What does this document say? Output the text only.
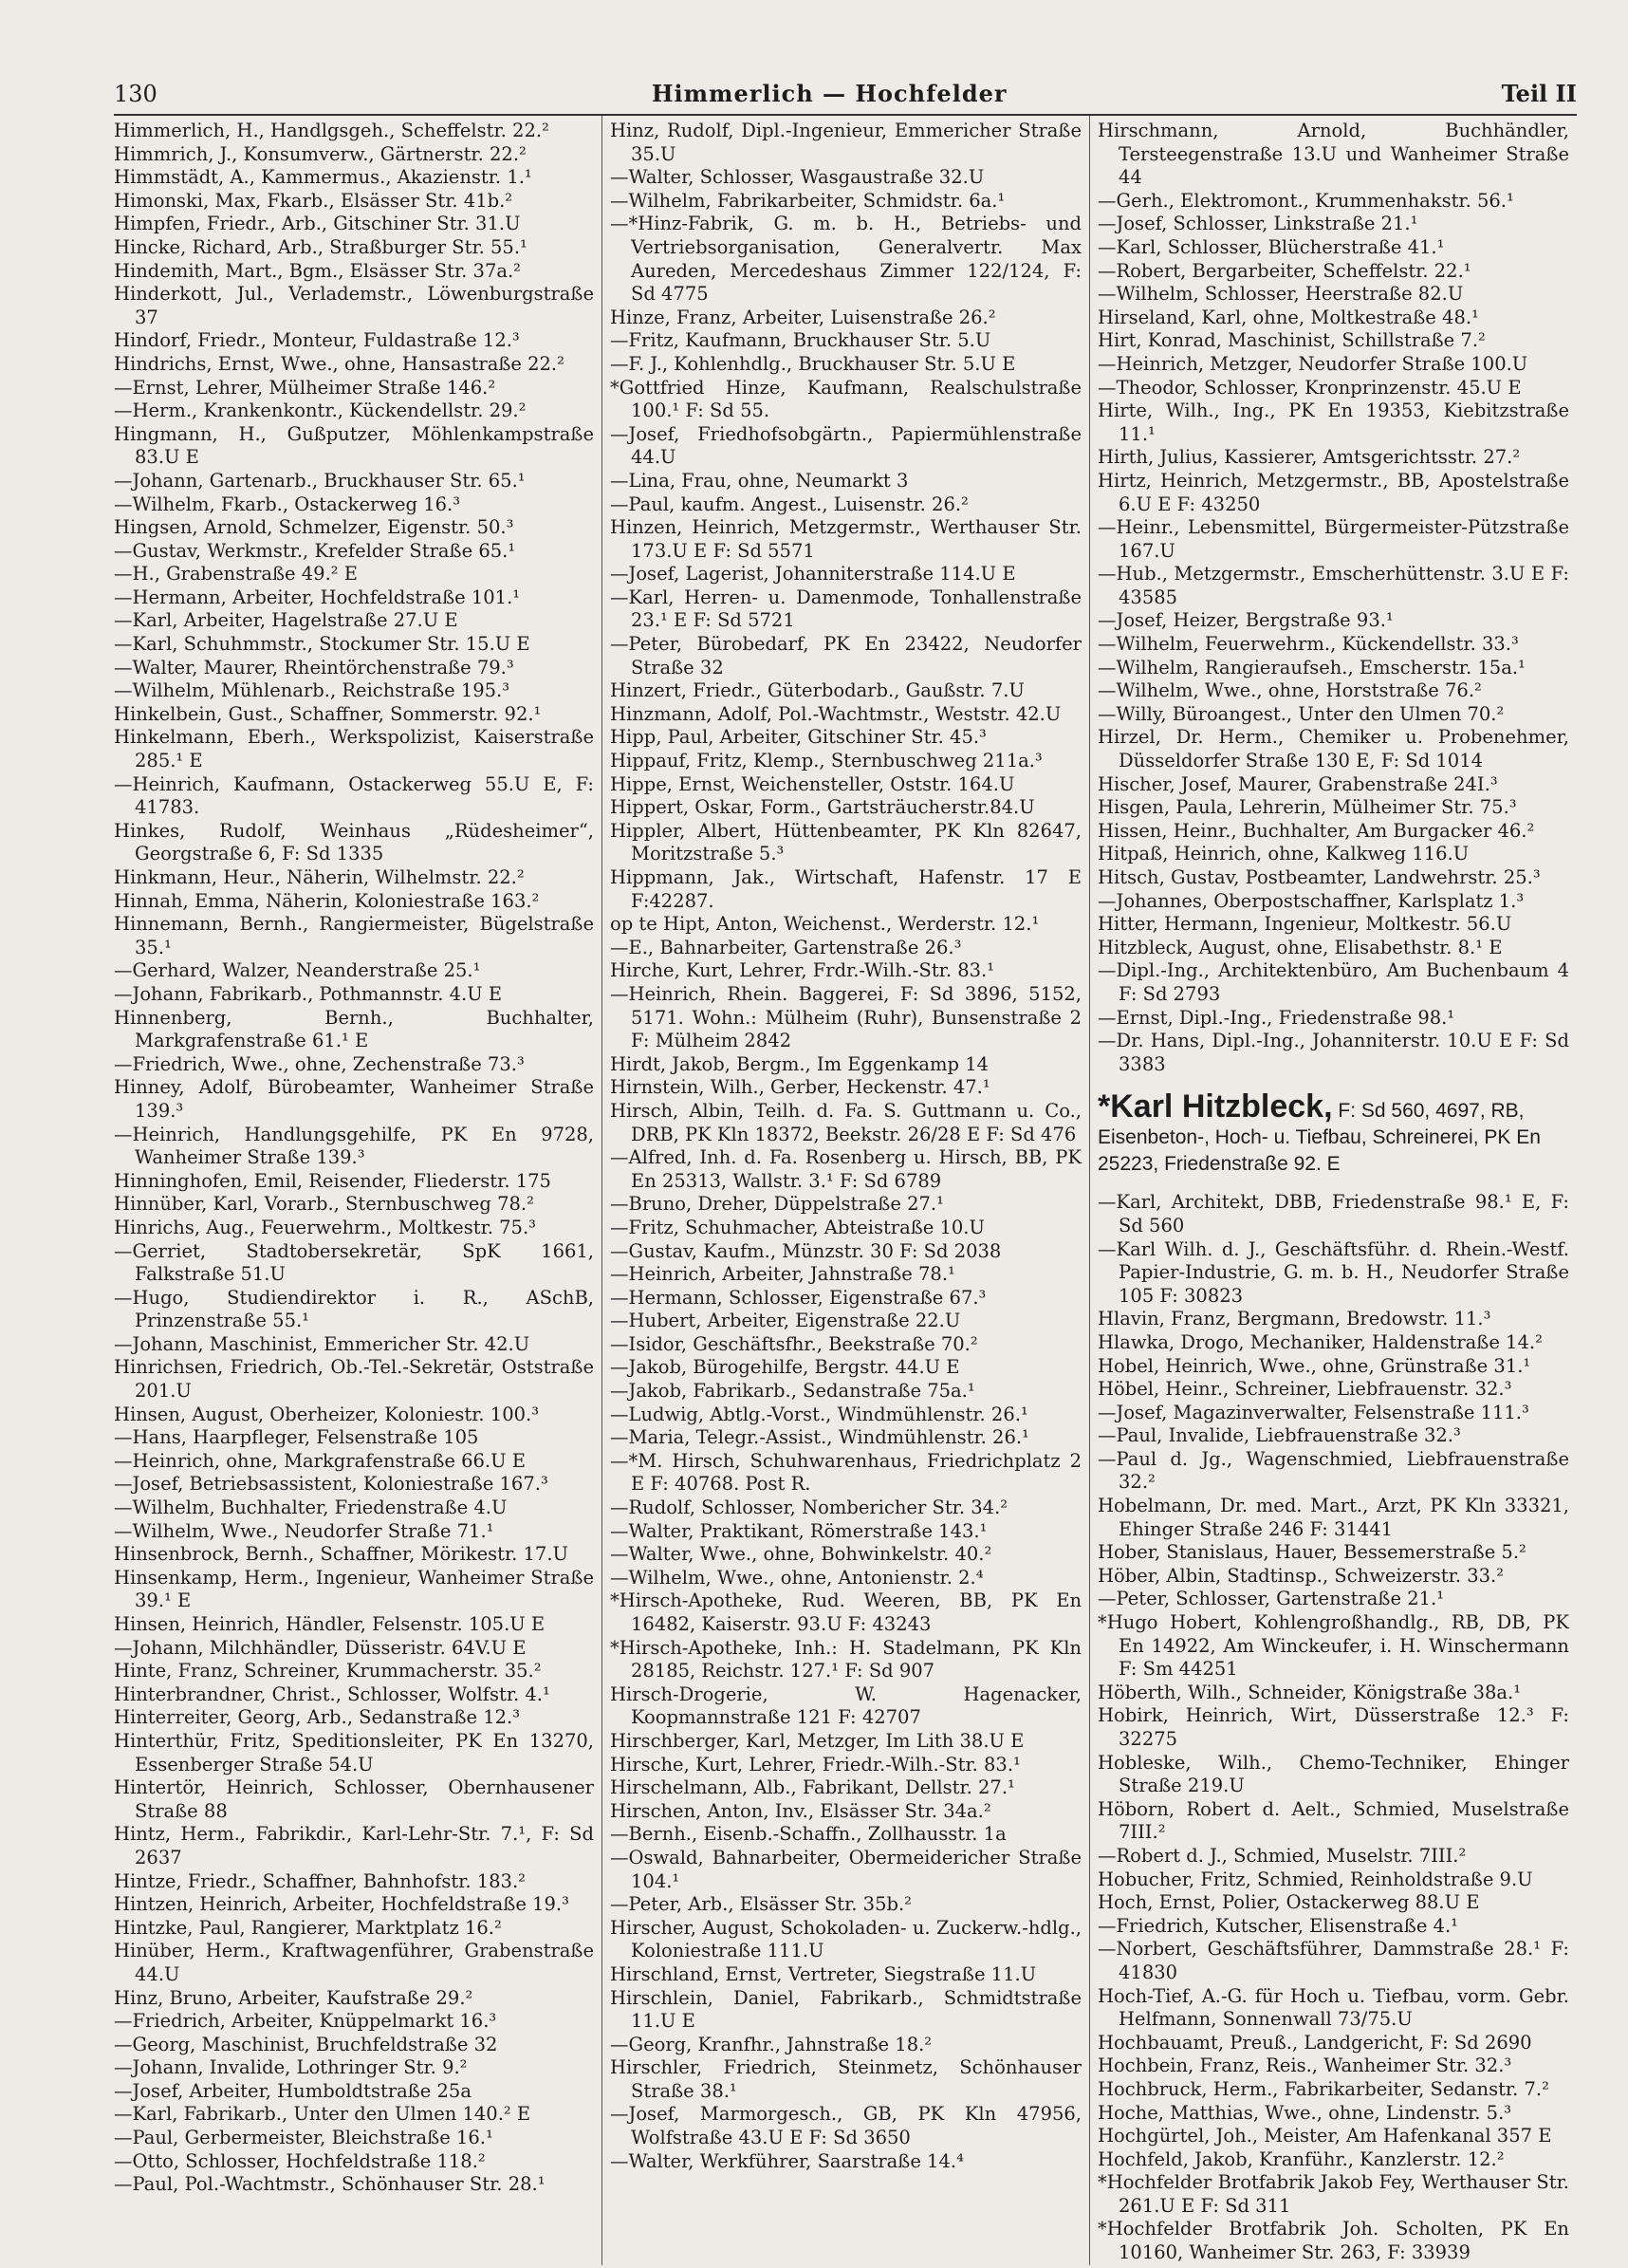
130	Himmerlich — Hochfelder	Teil II

Himmerlich, H., Handlgsgeh., Scheffelstr. 22.²

Himmrich, J., Konsumverw., Gärtnerstr. 22.²

Himmstädt, A., Kammermus., Akazienstr. 1.¹

Himonski, Max, Fkarb., Elsässer Str. 41b.²

Himpfen, Friedr., Arb., Gitschiner Str. 31.U

Hincke, Richard, Arb., Straßburger Str. 55.¹

Hindemith, Mart., Bgm., Elsässer Str. 37a.²

Hinderkott, Jul., Verlademstr., Löwenburgstraße 37

Hindorf, Friedr., Monteur, Fuldastraße 12.³

Hindrichs, Ernst, Wwe., ohne, Hansastraße 22.²

—Ernst, Lehrer, Mülheimer Straße 146.²

—Herm., Krankenkontr., Kückendellstr. 29.²

Hingmann, H., Gußputzer, Möhlenkampstraße 83.U E

—Johann, Gartenarb., Bruckhauser Str. 65.¹

—Wilhelm, Fkarb., Ostackerweg 16.³

Hingsen, Arnold, Schmelzer, Eigenstr. 50.³

—Gustav, Werkmstr., Krefelder Straße 65.¹

—H., Grabenstraße 49.² E

—Hermann, Arbeiter, Hochfeldstraße 101.¹

—Karl, Arbeiter, Hagelstraße 27.U E

—Karl, Schuhmmstr., Stockumer Str. 15.U E

—Walter, Maurer, Rheintörchenstraße 79.³

—Wilhelm, Mühlenarb., Reichstraße 195.³

Hinkelbein, Gust., Schaffner, Sommerstr. 92.¹

Hinkelmann, Eberh., Werkspolizist, Kaiserstraße 285.¹ E

—Heinrich, Kaufmann, Ostackerweg 55.U E, F: 41783.

Hinkes, Rudolf, Weinhaus „Rüdesheimer“, Georgstraße 6, F: Sd 1335

Hinkmann, Heur., Näherin, Wilhelmstr. 22.²

Hinnah, Emma, Näherin, Koloniestraße 163.²

Hinnemann, Bernh., Rangiermeister, Bügelstraße 35.¹

—Gerhard, Walzer, Neanderstraße 25.¹

—Johann, Fabrikarb., Pothmannstr. 4.U E

Hinnenberg, Bernh., Buchhalter, Markgrafenstraße 61.¹ E

—Friedrich, Wwe., ohne, Zechenstraße 73.³

Hinney, Adolf, Bürobeamter, Wanheimer Straße 139.³

—Heinrich, Handlungsgehilfe, PK En 9728, Wanheimer Straße 139.³

Hinninghofen, Emil, Reisender, Fliederstr. 175

Hinnüber, Karl, Vorarb., Sternbuschweg 78.²

Hinrichs, Aug., Feuerwehrm., Moltkestr. 75.³

—Gerriet, Stadtobersekretär, SpK 1661, Falkstraße 51.U

—Hugo, Studiendirektor i. R., ASchB, Prinzenstraße 55.¹

—Johann, Maschinist, Emmericher Str. 42.U

Hinrichsen, Friedrich, Ob.-Tel.-Sekretär, Oststraße 201.U

Hinsen, August, Oberheizer, Koloniestr. 100.³

—Hans, Haarpfleger, Felsenstraße 105

—Heinrich, ohne, Markgrafenstraße 66.U E

—Josef, Betriebsassistent, Koloniestraße 167.³

—Wilhelm, Buchhalter, Friedenstraße 4.U

—Wilhelm, Wwe., Neudorfer Straße 71.¹

Hinsenbrock, Bernh., Schaffner, Mörikestr. 17.U

Hinsenkamp, Herm., Ingenieur, Wanheimer Straße 39.¹ E

Hinsen, Heinrich, Händler, Felsenstr. 105.U E

—Johann, Milchhändler, Düsseristr. 64V.U E

Hinte, Franz, Schreiner, Krummacherstr. 35.²

Hinterbrandner, Christ., Schlosser, Wolfstr. 4.¹

Hinterreiter, Georg, Arb., Sedanstraße 12.³

Hinterthür, Fritz, Speditionsleiter, PK En 13270, Essenberger Straße 54.U

Hintertör, Heinrich, Schlosser, Obernhausener Straße 88

Hintz, Herm., Fabrikdir., Karl-Lehr-Str. 7.¹, F: Sd 2637

Hintze, Friedr., Schaffner, Bahnhofstr. 183.²

Hintzen, Heinrich, Arbeiter, Hochfeldstraße 19.³

Hintzke, Paul, Rangierer, Marktplatz 16.²

Hinüber, Herm., Kraftwagenführer, Grabenstraße 44.U

Hinz, Bruno, Arbeiter, Kaufstraße 29.²

—Friedrich, Arbeiter, Knüppelmarkt 16.³

—Georg, Maschinist, Bruchfeldstraße 32

—Johann, Invalide, Lothringer Str. 9.²

—Josef, Arbeiter, Humboldtstraße 25a

—Karl, Fabrikarb., Unter den Ulmen 140.² E

—Paul, Gerbermeister, Bleichstraße 16.¹

—Otto, Schlosser, Hochfeldstraße 118.²

—Paul, Pol.-Wachtmstr., Schönhauser Str. 28.¹

Hinz, Rudolf, Dipl.-Ingenieur, Emmericher Straße 35.U

—Walter, Schlosser, Wasgaustraße 32.U

—Wilhelm, Fabrikarbeiter, Schmidstr. 6a.¹

—*Hinz-Fabrik, G. m. b. H., Betriebs- und Vertriebsorganisation, Generalvertr. Max Aureden, Mercedeshaus Zimmer 122/124, F: Sd 4775

Hinze, Franz, Arbeiter, Luisenstraße 26.²

—Fritz, Kaufmann, Bruckhauser Str. 5.U

—F. J., Kohlenhdlg., Bruckhauser Str. 5.U E

*Gottfried Hinze, Kaufmann, Realschulstraße 100.¹ F: Sd 55.

—Josef, Friedhofsobgärtn., Papiermühlenstraße 44.U

—Lina, Frau, ohne, Neumarkt 3

—Paul, kaufm. Angest., Luisenstr. 26.²

Hinzen, Heinrich, Metzgermstr., Werthauser Str. 173.U E F: Sd 5571

—Josef, Lagerist, Johanniterstraße 114.U E

—Karl, Herren- u. Damenmode, Tonhallenstraße 23.¹ E F: Sd 5721

—Peter, Bürobedarf, PK En 23422, Neudorfer Straße 32

Hinzert, Friedr., Güterbodarb., Gaußstr. 7.U

Hinzmann, Adolf, Pol.-Wachtmstr., Weststr. 42.U

Hipp, Paul, Arbeiter, Gitschiner Str. 45.³

Hippauf, Fritz, Klemp., Sternbuschweg 211a.³

Hippe, Ernst, Weichensteller, Oststr. 164.U

Hippert, Oskar, Form., Gartsträucherstr.84.U

Hippler, Albert, Hüttenbeamter, PK Kln 82647, Moritzstraße 5.³

Hippmann, Jak., Wirtschaft, Hafenstr. 17 E F:42287.

op te Hipt, Anton, Weichenst., Werderstr. 12.¹

—E., Bahnarbeiter, Gartenstraße 26.³

Hirche, Kurt, Lehrer, Frdr.-Wilh.-Str. 83.¹

—Heinrich, Rhein. Baggerei, F: Sd 3896, 5152, 5171. Wohn.: Mülheim (Ruhr), Bunsenstraße 2 F: Mülheim 2842

Hirdt, Jakob, Bergm., Im Eggenkamp 14

Hirnstein, Wilh., Gerber, Heckenstr. 47.¹

Hirsch, Albin, Teilh. d. Fa. S. Guttmann u. Co., DRB, PK Kln 18372, Beekstr. 26/28 E F: Sd 476

—Alfred, Inh. d. Fa. Rosenberg u. Hirsch, BB, PK En 25313, Wallstr. 3.¹ F: Sd 6789

—Bruno, Dreher, Düppelstraße 27.¹

—Fritz, Schuhmacher, Abteistraße 10.U

—Gustav, Kaufm., Münzstr. 30 F: Sd 2038

—Heinrich, Arbeiter, Jahnstraße 78.¹

—Hermann, Schlosser, Eigenstraße 67.³

—Hubert, Arbeiter, Eigenstraße 22.U

—Isidor, Geschäftsfhr., Beekstraße 70.²

—Jakob, Bürogehilfe, Bergstr. 44.U E

—Jakob, Fabrikarb., Sedanstraße 75a.¹

—Ludwig, Abtlg.-Vorst., Windmühlenstr. 26.¹

—Maria, Telegr.-Assist., Windmühlenstr. 26.¹

—*M. Hirsch, Schuhwarenhaus, Friedrichplatz 2 E F: 40768. Post R.

—Rudolf, Schlosser, Nombericher Str. 34.²

—Walter, Praktikant, Römerstraße 143.¹

—Walter, Wwe., ohne, Bohwinkelstr. 40.²

—Wilhelm, Wwe., ohne, Antonienstr. 2.⁴

*Hirsch-Apotheke, Rud. Weeren, BB, PK En 16482, Kaiserstr. 93.U F: 43243

*Hirsch-Apotheke, Inh.: H. Stadelmann, PK Kln 28185, Reichstr. 127.¹ F: Sd 907

Hirsch-Drogerie, W. Hagenacker, Koopmannstraße 121 F: 42707

Hirschberger, Karl, Metzger, Im Lith 38.U E

Hirsche, Kurt, Lehrer, Friedr.-Wilh.-Str. 83.¹

Hirschelmann, Alb., Fabrikant, Dellstr. 27.¹

Hirschen, Anton, Inv., Elsässer Str. 34a.²

—Bernh., Eisenb.-Schaffn., Zollhausstr. 1a

—Oswald, Bahnarbeiter, Obermeidericher Straße 104.¹

—Peter, Arb., Elsässer Str. 35b.²

Hirscher, August, Schokoladen- u. Zuckerw.-hdlg., Koloniestraße 111.U

Hirschland, Ernst, Vertreter, Siegstraße 11.U

Hirschlein, Daniel, Fabrikarb., Schmidtstraße 11.U E

—Georg, Kranfhr., Jahnstraße 18.²

Hirschler, Friedrich, Steinmetz, Schönhauser Straße 38.¹

—Josef, Marmorgesch., GB, PK Kln 47956, Wolfstraße 43.U E F: Sd 3650

—Walter, Werkführer, Saarstraße 14.⁴

Hirschmann, Arnold, Buchhändler, Tersteegenstraße 13.U und Wanheimer Straße 44

—Gerh., Elektromont., Krummenhakstr. 56.¹

—Josef, Schlosser, Linkstraße 21.¹

—Karl, Schlosser, Blücherstraße 41.¹

—Robert, Bergarbeiter, Scheffelstr. 22.¹

—Wilhelm, Schlosser, Heerstraße 82.U

Hirseland, Karl, ohne, Moltkestraße 48.¹

Hirt, Konrad, Maschinist, Schillstraße 7.²

—Heinrich, Metzger, Neudorfer Straße 100.U

—Theodor, Schlosser, Kronprinzenstr. 45.U E

Hirte, Wilh., Ing., PK En 19353, Kiebitzstraße 11.¹

Hirth, Julius, Kassierer, Amtsgerichtsstr. 27.²

Hirtz, Heinrich, Metzgermstr., BB, Apostelstraße 6.U E F: 43250

—Heinr., Lebensmittel, Bürgermeister-Pützstraße 167.U

—Hub., Metzgermstr., Emscherhüttenstr. 3.U E F: 43585

—Josef, Heizer, Bergstraße 93.¹

—Wilhelm, Feuerwehrm., Kückendellstr. 33.³

—Wilhelm, Rangieraufseh., Emscherstr. 15a.¹

—Wilhelm, Wwe., ohne, Horststraße 76.²

—Willy, Büroangest., Unter den Ulmen 70.²

Hirzel, Dr. Herm., Chemiker u. Probenehmer, Düsseldorfer Straße 130 E, F: Sd 1014

Hischer, Josef, Maurer, Grabenstraße 24I.³

Hisgen, Paula, Lehrerin, Mülheimer Str. 75.³

Hissen, Heinr., Buchhalter, Am Burgacker 46.²

Hitpaß, Heinrich, ohne, Kalkweg 116.U

Hitsch, Gustav, Postbeamter, Landwehrstr. 25.³

—Johannes, Oberpostschaffner, Karlsplatz 1.³

Hitter, Hermann, Ingenieur, Moltkestr. 56.U

Hitzbleck, August, ohne, Elisabethstr. 8.¹ E

—Dipl.-Ing., Architektenbüro, Am Buchenbaum 4 F: Sd 2793

—Ernst, Dipl.-Ing., Friedenstraße 98.¹

—Dr. Hans, Dipl.-Ing., Johanniterstr. 10.U E F: Sd 3383

*Karl Hitzbleck, F: Sd 560, 4697, RB,
Eisenbeton-, Hoch- u. Tiefbau, Schreinerei, PK En 25223, Friedenstraße 92. E

—Karl, Architekt, DBB, Friedenstraße 98.¹ E, F: Sd 560

—Karl Wilh. d. J., Geschäftsführ. d. Rhein.-Westf. Papier-Industrie, G. m. b. H., Neudorfer Straße 105 F: 30823

Hlavin, Franz, Bergmann, Bredowstr. 11.³

Hlawka, Drogo, Mechaniker, Haldenstraße 14.²

Hobel, Heinrich, Wwe., ohne, Grünstraße 31.¹

Höbel, Heinr., Schreiner, Liebfrauenstr. 32.³

—Josef, Magazinverwalter, Felsenstraße 111.³

—Paul, Invalide, Liebfrauenstraße 32.³

—Paul d. Jg., Wagenschmied, Liebfrauenstraße 32.²

Hobelmann, Dr. med. Mart., Arzt, PK Kln 33321, Ehinger Straße 246 F: 31441

Hober, Stanislaus, Hauer, Bessemerstraße 5.²

Höber, Albin, Stadtinsp., Schweizerstr. 33.²

—Peter, Schlosser, Gartenstraße 21.¹

*Hugo Hobert, Kohlengroßhandlg., RB, DB, PK En 14922, Am Winckeufer, i. H. Winschermann F: Sm 44251

Höberth, Wilh., Schneider, Königstraße 38a.¹

Hobirk, Heinrich, Wirt, Düsserstraße 12.³ F: 32275

Hobleske, Wilh., Chemo-Techniker, Ehinger Straße 219.U

Höborn, Robert d. Aelt., Schmied, Muselstraße 7III.²

—Robert d. J., Schmied, Muselstr. 7III.²

Hobucher, Fritz, Schmied, Reinholdstraße 9.U

Hoch, Ernst, Polier, Ostackerweg 88.U E

—Friedrich, Kutscher, Elisenstraße 4.¹

—Norbert, Geschäftsführer, Dammstraße 28.¹ F: 41830

Hoch-Tief, A.-G. für Hoch u. Tiefbau, vorm. Gebr. Helfmann, Sonnenwall 73/75.U

Hochbauamt, Preuß., Landgericht, F: Sd 2690

Hochbein, Franz, Reis., Wanheimer Str. 32.³

Hochbruck, Herm., Fabrikarbeiter, Sedanstr. 7.²

Hoche, Matthias, Wwe., ohne, Lindenstr. 5.³

Hochgürtel, Joh., Meister, Am Hafenkanal 357 E

Hochfeld, Jakob, Kranführ., Kanzlerstr. 12.²

*Hochfelder Brotfabrik Jakob Fey, Werthauser Str. 261.U E F: Sd 311

*Hochfelder Brotfabrik Joh. Scholten, PK En 10160, Wanheimer Str. 263, F: 33939
